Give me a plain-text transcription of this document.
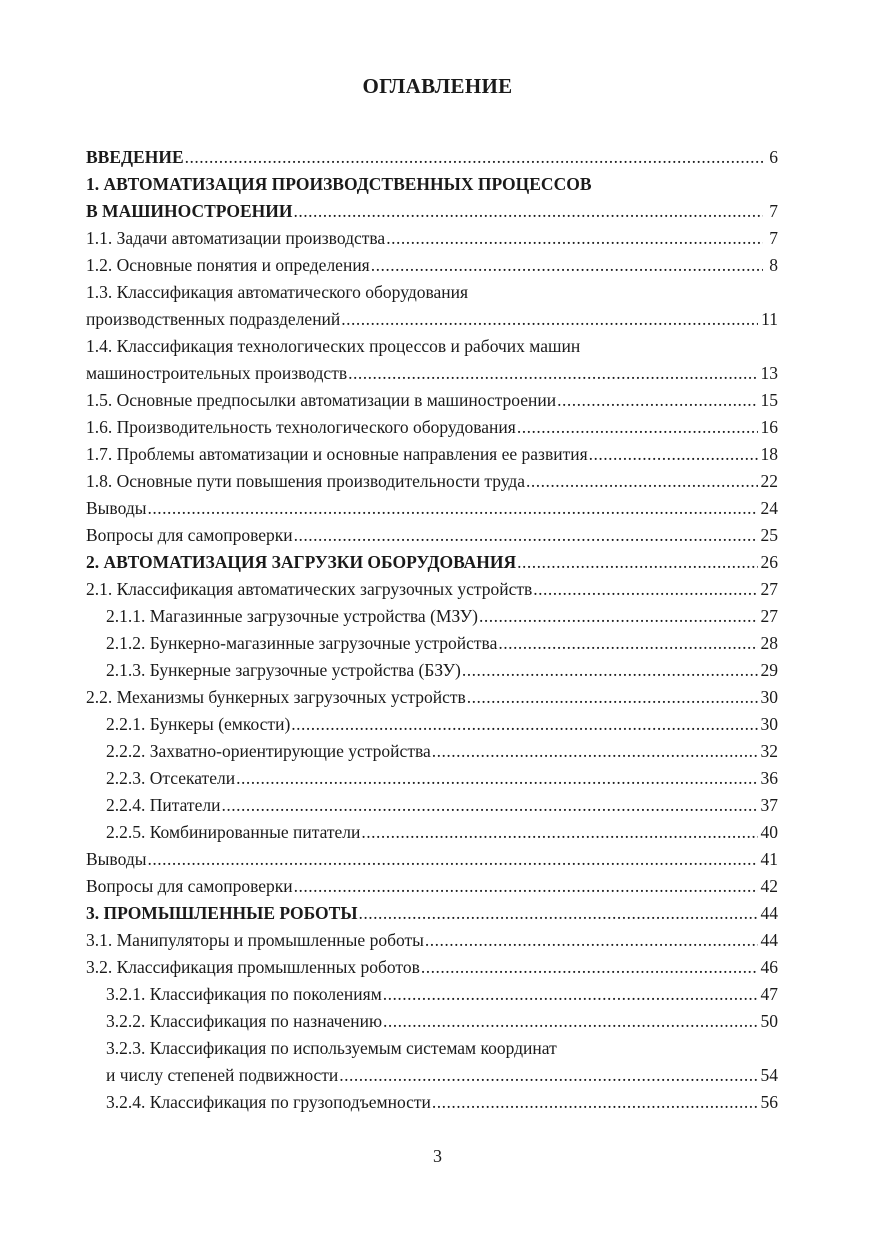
ОГЛАВЛЕНИЕ
ВВЕДЕНИЕ .....	6
1. АВТОМАТИЗАЦИЯ ПРОИЗВОДСТВЕННЫХ ПРОЦЕССОВ
В МАШИНОСТРОЕНИИ .....	7
1.1. Задачи автоматизации производства .....	7
1.2. Основные понятия и определения .....	8
1.3. Классификация автоматического оборудования
производственных подразделений .....	11
1.4. Классификация технологических процессов и рабочих машин
машиностроительных производств .....	13
1.5. Основные предпосылки автоматизации в машиностроении .....	15
1.6. Производительность технологического оборудования .....	16
1.7. Проблемы автоматизации и основные направления ее развития .....	18
1.8. Основные пути повышения производительности труда .....	22
Выводы .....	24
Вопросы для самопроверки .....	25
2. АВТОМАТИЗАЦИЯ ЗАГРУЗКИ ОБОРУДОВАНИЯ .....	26
2.1. Классификация автоматических загрузочных устройств .....	27
2.1.1. Магазинные загрузочные устройства (МЗУ) .....	27
2.1.2. Бункерно-магазинные загрузочные устройства .....	28
2.1.3. Бункерные загрузочные устройства (БЗУ) .....	29
2.2. Механизмы бункерных загрузочных устройств .....	30
2.2.1. Бункеры (емкости) .....	30
2.2.2. Захватно-ориентирующие устройства .....	32
2.2.3. Отсекатели .....	36
2.2.4. Питатели .....	37
2.2.5. Комбинированные питатели .....	40
Выводы .....	41
Вопросы для самопроверки .....	42
3. ПРОМЫШЛЕННЫЕ РОБОТЫ .....	44
3.1. Манипуляторы и промышленные роботы .....	44
3.2. Классификация промышленных роботов .....	46
3.2.1. Классификация по поколениям .....	47
3.2.2. Классификация по назначению .....	50
3.2.3. Классификация по используемым системам координат
и числу степеней подвижности .....	54
3.2.4. Классификация по грузоподъемности .....	56
3
